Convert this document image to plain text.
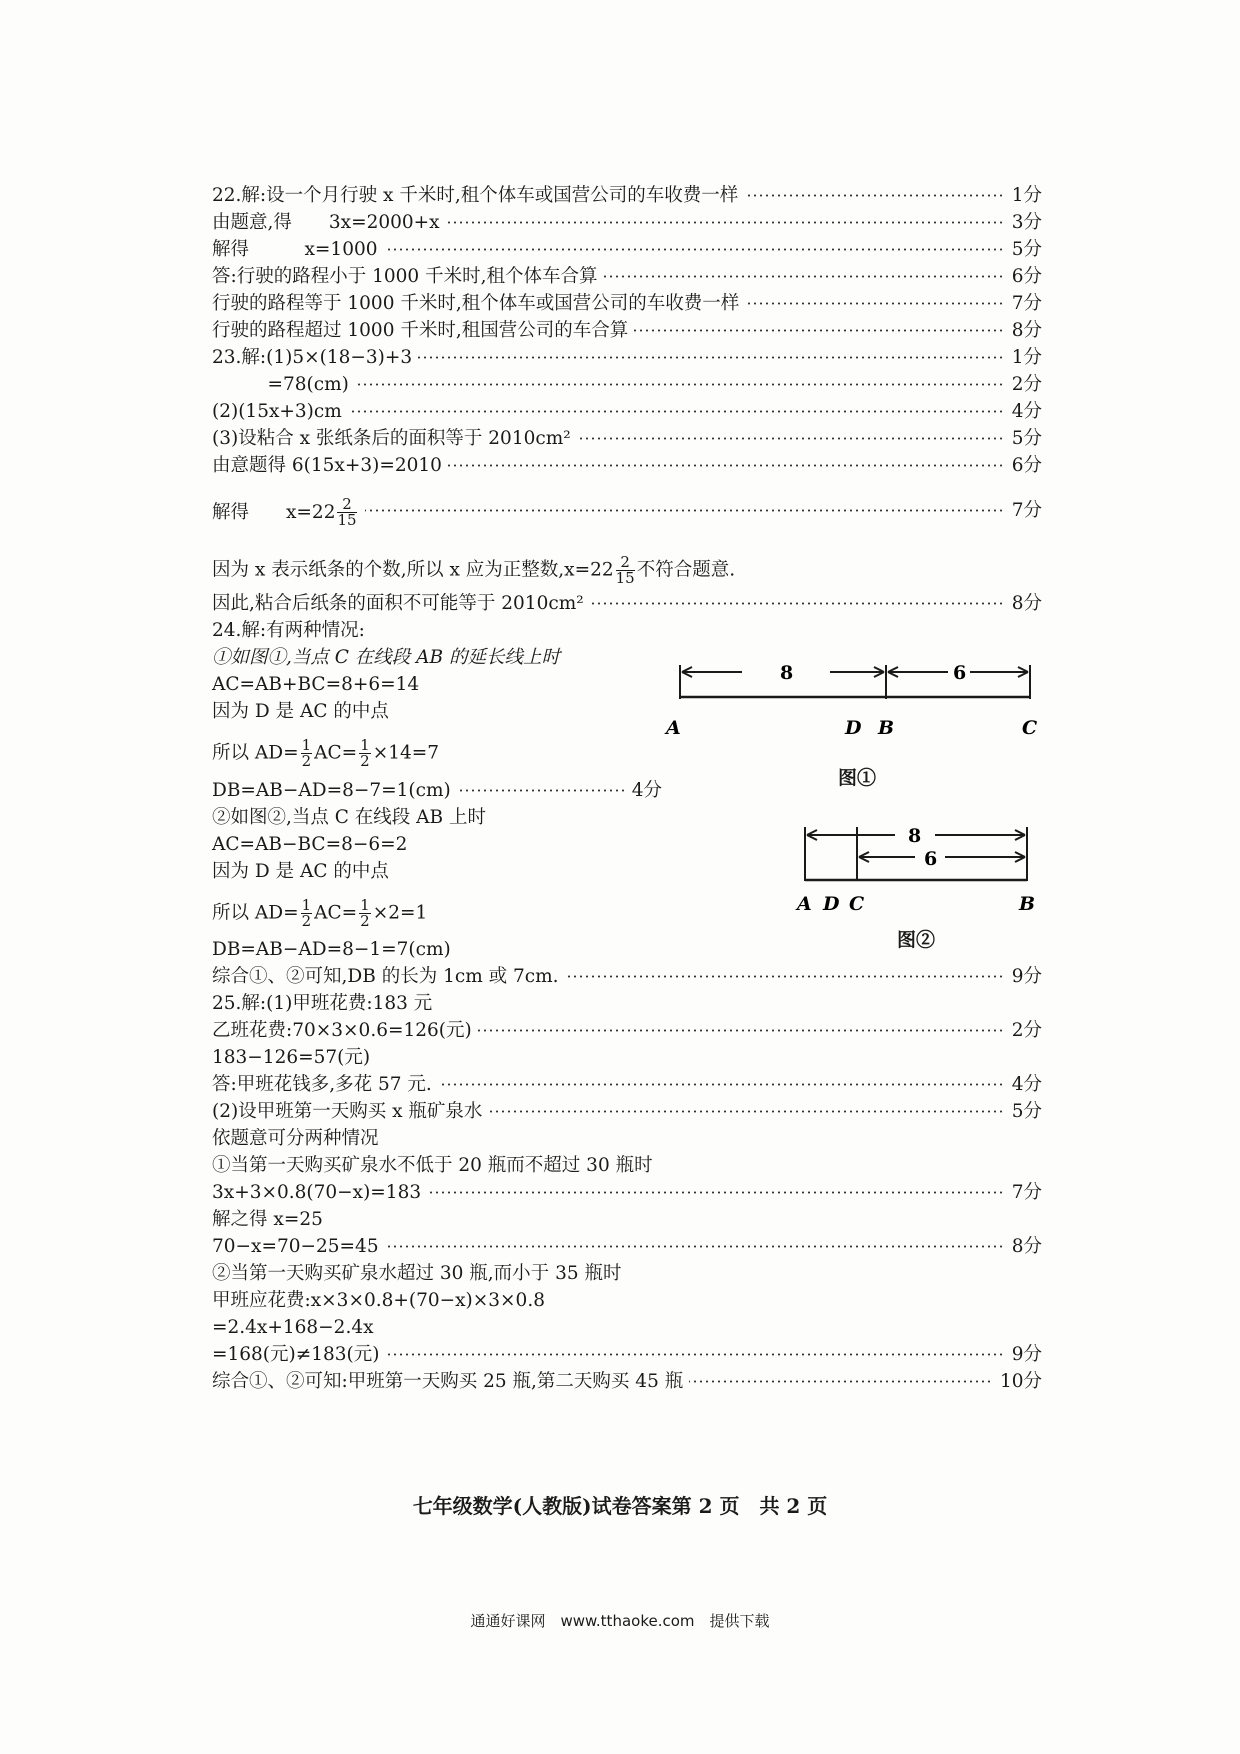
22.解:设一个月行驶 x 千米时,租个体车或国营公司的车收费一样	1分
由题意,得　　3x=2000+x	3分
解得　　　x=1000	5分
答:行驶的路程小于 1000 千米时,租个体车合算	6分
行驶的路程等于 1000 千米时,租个体车或国营公司的车收费一样	7分
行驶的路程超过 1000 千米时,租国营公司的车合算	8分
23.解:(1)5×(18−3)+3	1分
　　　=78(cm)	2分
(2)(15x+3)cm	4分
(3)设粘合 x 张纸条后的面积等于 2010cm²	5分
由意题得 6(15x+3)=2010	6分
解得　　$x=22 \frac{2}{15}$	7分
因为 x 表示纸条的个数,所以 x 应为正整数$,x=22 \frac{2}{15}$ 不符合题意.
因此,粘合后纸条的面积不可能等于 2010cm²	8分
24.解:有两种情况:
①如图①,当点 C 在线段 AB 的延长线上时
AC=AB+BC=8+6=14
因为 D 是 AC 的中点
所以 $AD= \frac{1}{2} AC= \frac{1}{2} \times 14=7$
DB=AB−AD=8−7=1(cm)	4分
②如图②,当点 C 在线段 AB 上时
AC=AB−BC=8−6=2
因为 D 是 AC 的中点
所以 $AD= \frac{1}{2} AC= \frac{1}{2} \times 2=1$
DB=AB−AD=8−1=7(cm)
综合①、②可知,DB 的长为 1cm 或 7cm.	9分
8	6
A	D B	C
图①
8
6
A D C	B
图②
25.解:(1)甲班花费:183 元
乙班花费:70×3×0.6=126(元)	2分
183−126=57(元)
答:甲班花钱多,多花 57 元.	4分
(2)设甲班第一天购买 x 瓶矿泉水	5分
依题意可分两种情况
①当第一天购买矿泉水不低于 20 瓶而不超过 30 瓶时
3x+3×0.8(70−x)=183	7分
解之得 x=25
70−x=70−25=45	8分
②当第一天购买矿泉水超过 30 瓶,而小于 35 瓶时
甲班应花费:x×3×0.8+(70−x)×3×0.8
=2.4x+168−2.4x
=168(元)≠183(元)	9分
综合①、②可知:甲班第一天购买 25 瓶,第二天购买 45 瓶	10分
七年级数学(人教版)试卷答案第 2 页　共 2 页
通通好课网　www.tthaoke.com　提供下载
